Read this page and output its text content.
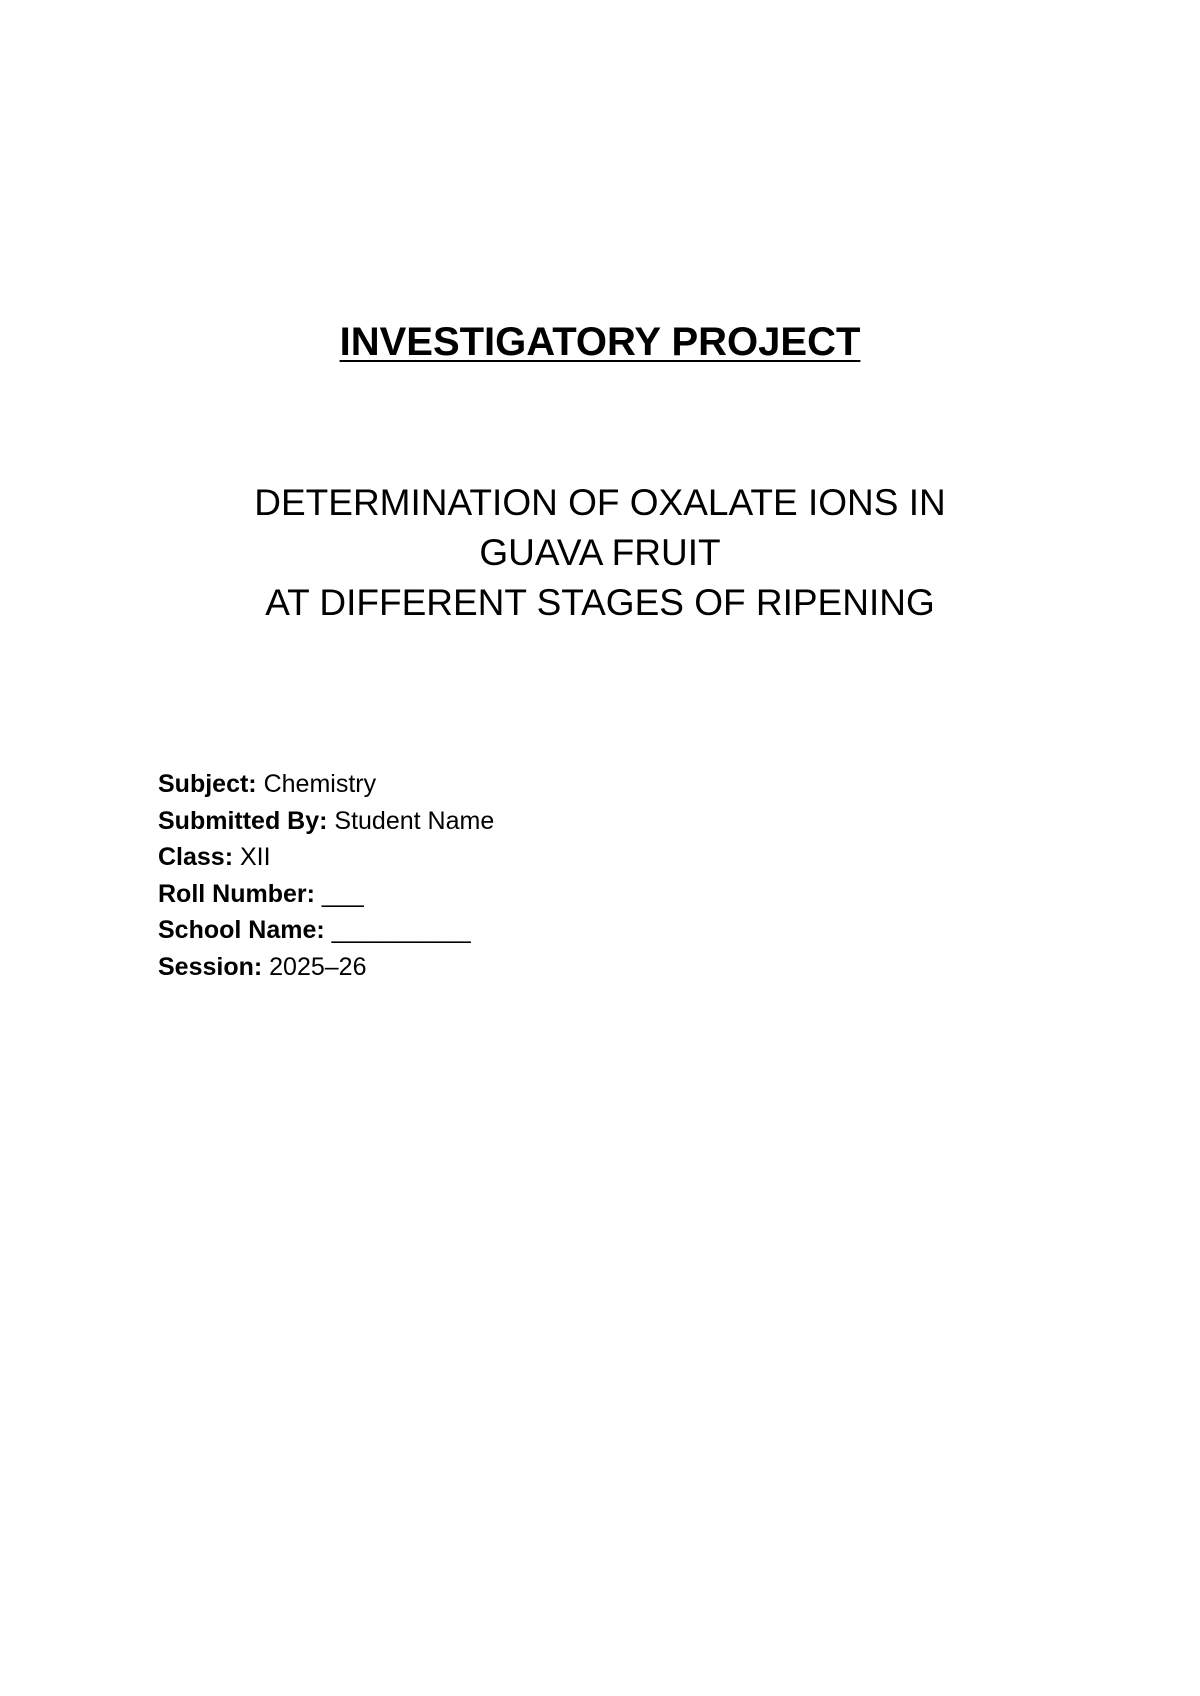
INVESTIGATORY PROJECT
DETERMINATION OF OXALATE IONS IN
GUAVA FRUIT
AT DIFFERENT STAGES OF RIPENING
Subject: Chemistry
Submitted By: Student Name
Class: XII
Roll Number: ___
School Name: __________
Session: 2025–26
